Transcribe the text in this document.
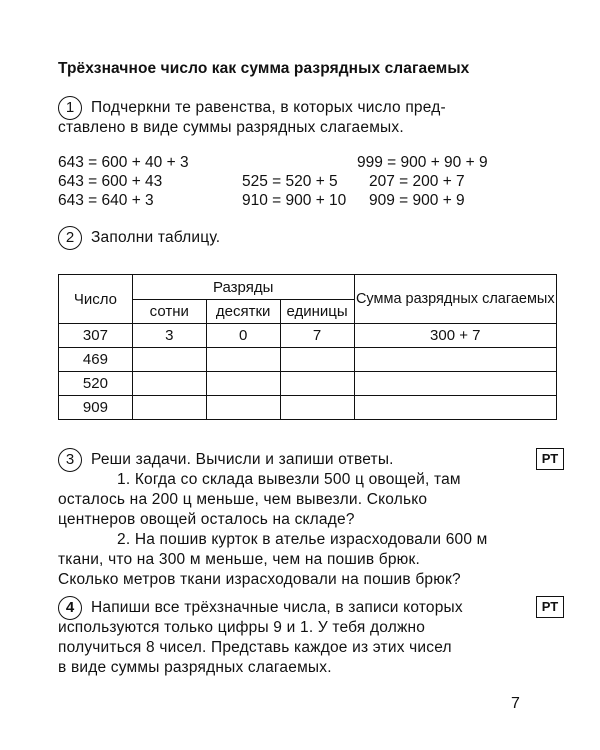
Трёхзначное число как сумма разрядных слагаемых
1	Подчеркни те равенства, в которых число пред-
ставлено в виде суммы разрядных слагаемых.
643 = 600 + 40 + 3
643 = 600 + 43
643 = 640 + 3
525 = 520 + 5
910 = 900 + 10
999 = 900 + 90 + 9
207 = 200 + 7
909 = 900 + 9
2	Заполни таблицу.
Число	Разряды			Сумма разрядных слагаемых
	сотни	десятки	единицы	
307	3	0	7	300 + 7
469				
520				
909				
3	РТ
Реши задачи. Вычисли и запиши ответы.
1. Когда со склада вывезли 500 ц овощей, там
осталось на 200 ц меньше, чем вывезли. Сколько
центнеров овощей осталось на складе?
2. На пошив курток в ателье израсходовали 600 м
ткани, что на 300 м меньше, чем на пошив брюк.
Сколько метров ткани израсходовали на пошив брюк?
4	РТ
Напиши все трёхзначные числа, в записи которых
используются только цифры 9 и 1. У тебя должно
получиться 8 чисел. Представь каждое из этих чисел
в виде суммы разрядных слагаемых.
7
